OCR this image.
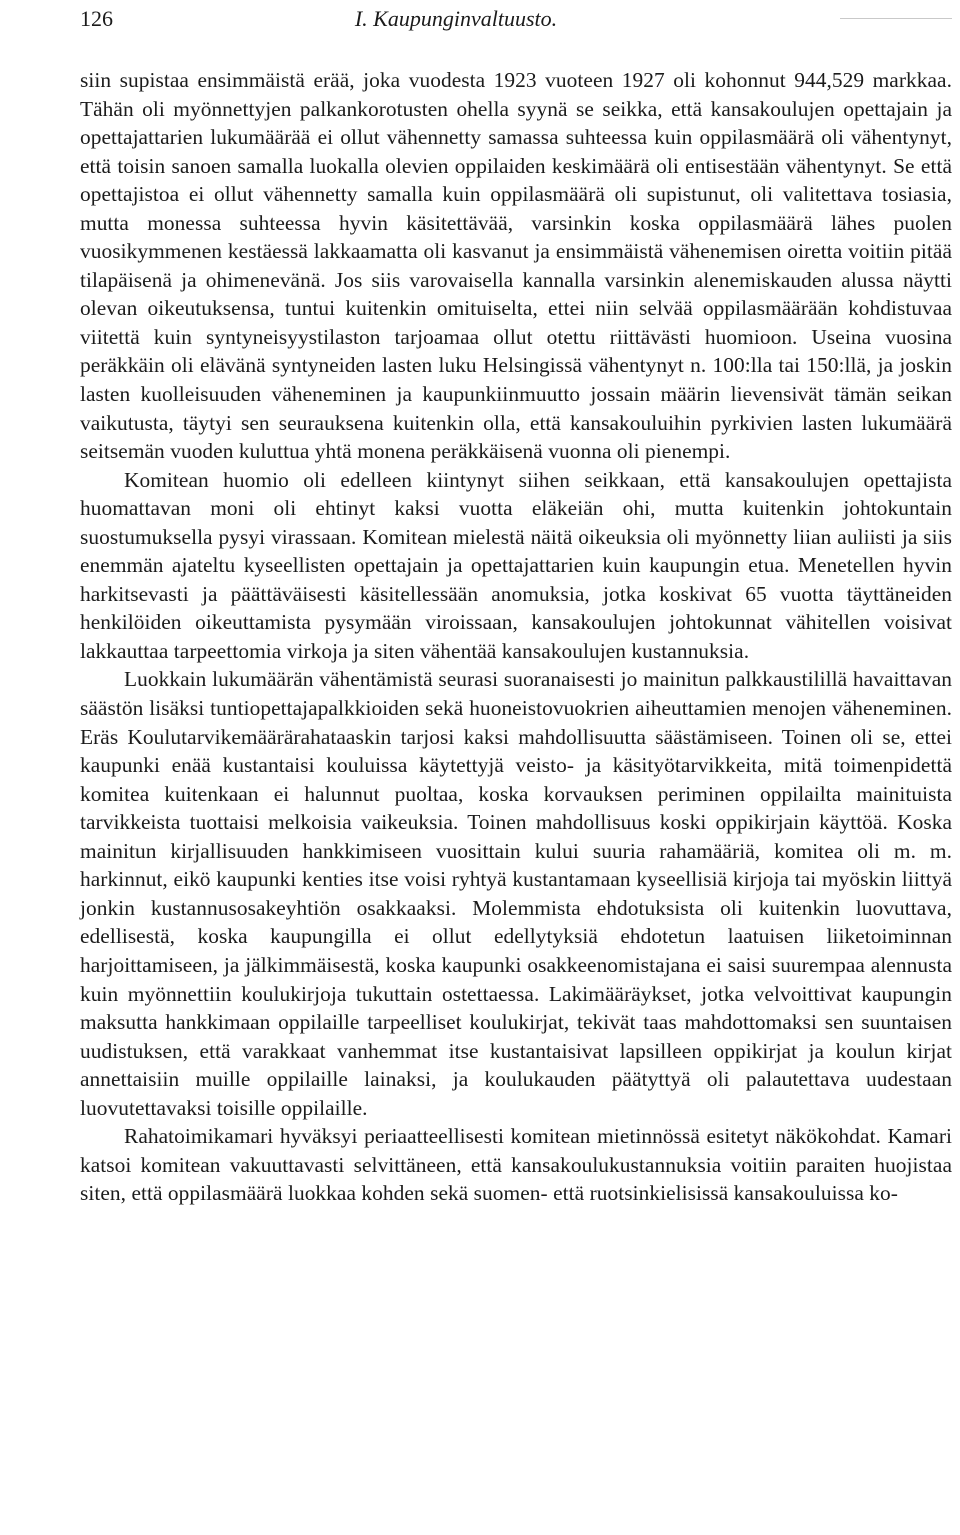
126	I. Kaupunginvaltuusto.

siin supistaa ensimmäistä erää, joka vuodesta 1923 vuoteen 1927 oli kohonnut 944,529 markkaa. Tähän oli myönnettyjen palkankorotusten ohella syynä se seikka, että kansakoulujen opettajain ja opettajattarien lukumäärää ei ollut vähennetty samassa suhteessa kuin oppilasmäärä oli vähentynyt, että toisin sanoen samalla luokalla olevien oppilaiden keskimäärä oli entisestään vähentynyt. Se että opettajistoa ei ollut vähennetty samalla kuin oppilasmäärä oli supistunut, oli valitettava tosiasia, mutta monessa suhteessa hyvin käsitettävää, varsinkin koska oppilasmäärä lähes puolen vuosikymmenen kestäessä lakkaamatta oli kasvanut ja ensimmäistä vähenemisen oiretta voitiin pitää tilapäisenä ja ohimenevänä. Jos siis varovaisella kannalla varsinkin alenemiskauden alussa näytti olevan oikeutuksensa, tuntui kuitenkin omituiselta, ettei niin selvää oppilasmäärään kohdistuvaa viitettä kuin syntyneisyystilaston tarjoamaa ollut otettu riittävästi huomioon. Useina vuosina peräkkäin oli elävänä syntyneiden lasten luku Helsingissä vähentynyt n. 100:lla tai 150:llä, ja joskin lasten kuolleisuuden väheneminen ja kaupunkiinmuutto jossain määrin lievensivät tämän seikan vaikutusta, täytyi sen seurauksena kuitenkin olla, että kansakouluihin pyrkivien lasten lukumäärä seitsemän vuoden kuluttua yhtä monena peräkkäisenä vuonna oli pienempi.

Komitean huomio oli edelleen kiintynyt siihen seikkaan, että kansakoulujen opettajista huomattavan moni oli ehtinyt kaksi vuotta eläkeiän ohi, mutta kuitenkin johtokuntain suostumuksella pysyi virassaan. Komitean mielestä näitä oikeuksia oli myönnetty liian auliisti ja siis enemmän ajateltu kyseellisten opettajain ja opettajattarien kuin kaupungin etua. Menetellen hyvin harkitsevasti ja päättäväisesti käsitellessään anomuksia, jotka koskivat 65 vuotta täyttäneiden henkilöiden oikeuttamista pysymään viroissaan, kansakoulujen johtokunnat vähitellen voisivat lakkauttaa tarpeettomia virkoja ja siten vähentää kansakoulujen kustannuksia.

Luokkain lukumäärän vähentämistä seurasi suoranaisesti jo mainitun palkkaustilillä havaittavan säästön lisäksi tuntiopettajapalkkioiden sekä huoneistovuokrien aiheuttamien menojen väheneminen. Eräs Koulutarvikemäärärahataaskin tarjosi kaksi mahdollisuutta säästämiseen. Toinen oli se, ettei kaupunki enää kustantaisi kouluissa käytettyjä veisto- ja käsityötarvikkeita, mitä toimenpidettä komitea kuitenkaan ei halunnut puoltaa, koska korvauksen periminen oppilailta mainituista tarvikkeista tuottaisi melkoisia vaikeuksia. Toinen mahdollisuus koski oppikirjain käyttöä. Koska mainitun kirjallisuuden hankkimiseen vuosittain kului suuria rahamääriä, komitea oli m. m. harkinnut, eikö kaupunki kenties itse voisi ryhtyä kustantamaan kyseellisiä kirjoja tai myöskin liittyä jonkin kustannusosakeyhtiön osakkaaksi. Molemmista ehdotuksista oli kuitenkin luovuttava, edellisestä, koska kaupungilla ei ollut edellytyksiä ehdotetun laatuisen liiketoiminnan harjoittamiseen, ja jälkimmäisestä, koska kaupunki osakkeenomistajana ei saisi suurempaa alennusta kuin myönnettiin koulukirjoja tukuttain ostettaessa. Lakimääräykset, jotka velvoittivat kaupungin maksutta hankkimaan oppilaille tarpeelliset koulukirjat, tekivät taas mahdottomaksi sen suuntaisen uudistuksen, että varakkaat vanhemmat itse kustantaisivat lapsilleen oppikirjat ja koulun kirjat annettaisiin muille oppilaille lainaksi, ja koulukauden päätyttyä oli palautettava uudestaan luovutettavaksi toisille oppilaille.

Rahatoimikamari hyväksyi periaatteellisesti komitean mietinnössä esitetyt näkökohdat. Kamari katsoi komitean vakuuttavasti selvittäneen, että kansakoulukustannuksia voitiin paraiten huojistaa siten, että oppilasmäärä luokkaa kohden sekä suomen- että ruotsinkielisissä kansakouluissa ko-
